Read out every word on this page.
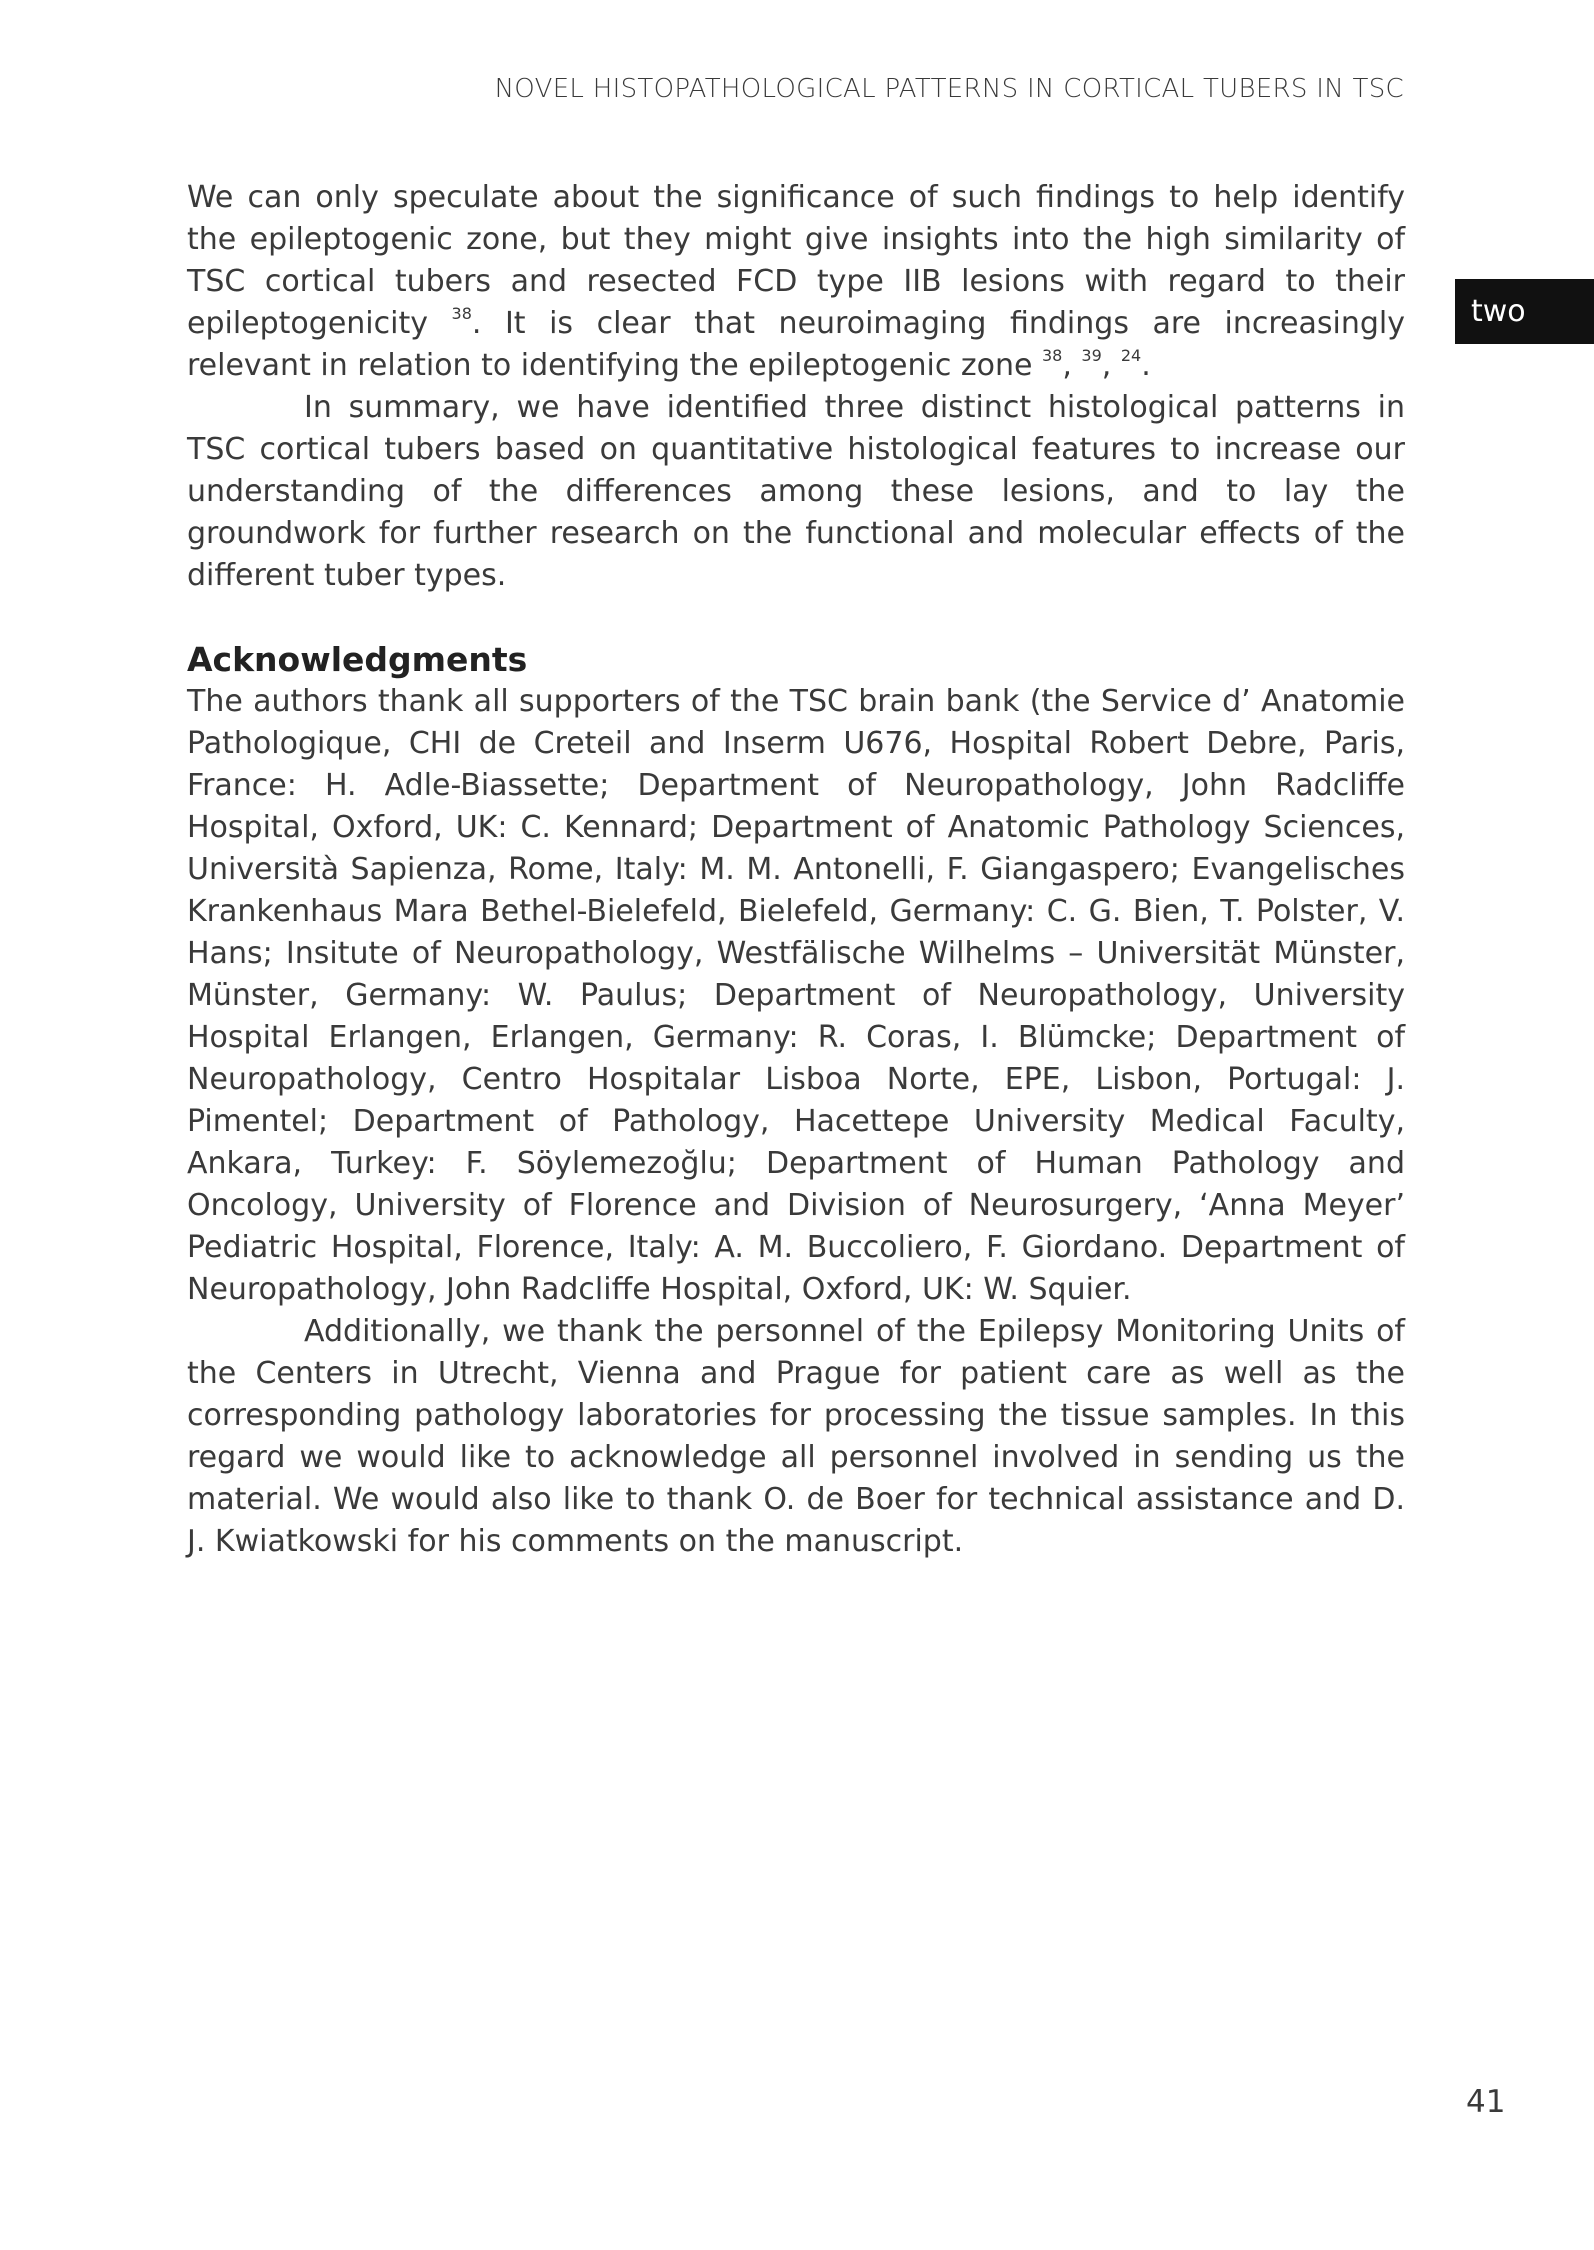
NOVEL HISTOPATHOLOGICAL PATTERNS IN CORTICAL TUBERS IN TSC
two

We can only speculate about the significance of such findings to help identify the epileptogenic zone, but they might give insights into the high similarity of TSC cortical tubers and resected FCD type IIB lesions with regard to their epileptogenicity $^{38}$. It is clear that neuroimaging findings are increasingly relevant in relation to identifying the epileptogenic zone $^{38}$, $^{39}$, $^{24}$.

In summary, we have identified three distinct histological patterns in TSC cortical tubers based on quantitative histological features to increase our understanding of the differences among these lesions, and to lay the groundwork for further research on the functional and molecular effects of the different tuber types.

Acknowledgments

The authors thank all supporters of the TSC brain bank (the Service d’ Anatomie Pathologique, CHI de Creteil and Inserm U676, Hospital Robert Debre, Paris, France: H. Adle-Biassette; Department of Neuropathology, John Radcliffe Hospital, Oxford, UK: C. Kennard; Department of Anatomic Pathology Sciences, Università Sapienza, Rome, Italy: M. M. Antonelli, F. Giangaspero; Evangelisches Krankenhaus Mara Bethel-Bielefeld, Bielefeld, Germany: C. G. Bien, T. Polster, V. Hans; Insitute of Neuropathology, Westfälische Wilhelms – Universität Münster, Münster, Germany: W. Paulus; Department of Neuropathology, University Hospital Erlangen, Erlangen, Germany: R. Coras, I. Blümcke; Department of Neuropathology, Centro Hospitalar Lisboa Norte, EPE, Lisbon, Portugal: J. Pimentel; Department of Pathology, Hacettepe University Medical Faculty, Ankara, Turkey: F. Söylemezoğlu; Department of Human Pathology and Oncology, University of Florence and Division of Neurosurgery, ‘Anna Meyer’ Pediatric Hospital, Florence, Italy: A. M. Buccoliero, F. Giordano. Department of Neuropathology, John Radcliffe Hospital, Oxford, UK: W. Squier.

Additionally, we thank the personnel of the Epilepsy Monitoring Units of the Centers in Utrecht, Vienna and Prague for patient care as well as the corresponding pathology laboratories for processing the tissue samples. In this regard we would like to acknowledge all personnel involved in sending us the material. We would also like to thank O. de Boer for technical assistance and D. J. Kwiatkowski for his comments on the manuscript.

41
